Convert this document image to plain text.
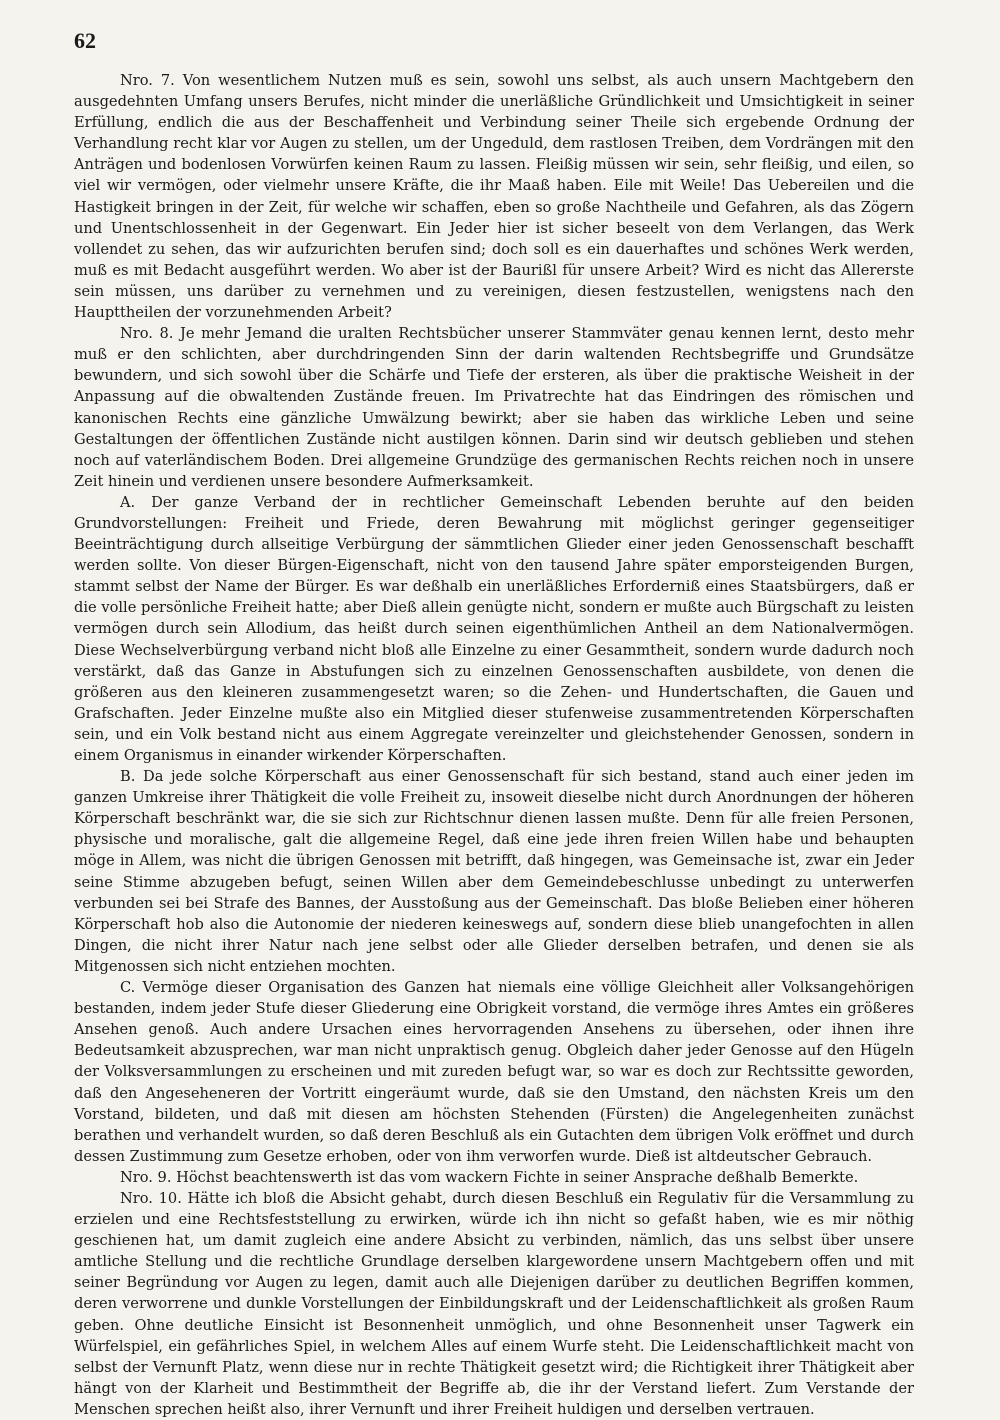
62

Nro. 7. Von wesentlichem Nutzen muß es sein, sowohl uns selbst, als auch unsern Machtgebern den ausgedehnten Umfang unsers Berufes, nicht minder die unerläßliche Gründlichkeit und Umsichtigkeit in seiner Erfüllung, endlich die aus der Beschaffenheit und Verbindung seiner Theile sich ergebende Ordnung der Verhandlung recht klar vor Augen zu stellen, um der Ungeduld, dem rastlosen Treiben, dem Vordrängen mit den Anträgen und bodenlosen Vorwürfen keinen Raum zu lassen. Fleißig müssen wir sein, sehr fleißig, und eilen, so viel wir vermögen, oder vielmehr unsere Kräfte, die ihr Maaß haben. Eile mit Weile! Das Uebereilen und die Hastigkeit bringen in der Zeit, für welche wir schaffen, eben so große Nachtheile und Gefahren, als das Zögern und Unentschlossenheit in der Gegenwart. Ein Jeder hier ist sicher beseelt von dem Verlangen, das Werk vollendet zu sehen, das wir aufzurichten berufen sind; doch soll es ein dauerhaftes und schönes Werk werden, muß es mit Bedacht ausgeführt werden. Wo aber ist der Baurißl für unsere Arbeit? Wird es nicht das Allererste sein müssen, uns darüber zu vernehmen und zu vereinigen, diesen festzustellen, wenigstens nach den Haupttheilen der vorzunehmenden Arbeit?

Nro. 8. Je mehr Jemand die uralten Rechtsbücher unserer Stammväter genau kennen lernt, desto mehr muß er den schlichten, aber durchdringenden Sinn der darin waltenden Rechtsbegriffe und Grundsätze bewundern, und sich sowohl über die Schärfe und Tiefe der ersteren, als über die praktische Weisheit in der Anpassung auf die obwaltenden Zustände freuen. Im Privatrechte hat das Eindringen des römischen und kanonischen Rechts eine gänzliche Umwälzung bewirkt; aber sie haben das wirkliche Leben und seine Gestaltungen der öffentlichen Zustände nicht austilgen können. Darin sind wir deutsch geblieben und stehen noch auf vaterländischem Boden. Drei allgemeine Grundzüge des germanischen Rechts reichen noch in unsere Zeit hinein und verdienen unsere besondere Aufmerksamkeit.

A. Der ganze Verband der in rechtlicher Gemeinschaft Lebenden beruhte auf den beiden Grundvorstellungen: Freiheit und Friede, deren Bewahrung mit möglichst geringer gegenseitiger Beeinträchtigung durch allseitige Verbürgung der sämmtlichen Glieder einer jeden Genossenschaft beschafft werden sollte. Von dieser Bürgen-Eigenschaft, nicht von den tausend Jahre später emporsteigenden Burgen, stammt selbst der Name der Bürger. Es war deßhalb ein unerläßliches Erforderniß eines Staatsbürgers, daß er die volle persönliche Freiheit hatte; aber Dieß allein genügte nicht, sondern er mußte auch Bürgschaft zu leisten vermögen durch sein Allodium, das heißt durch seinen eigenthümlichen Antheil an dem Nationalvermögen. Diese Wechselverbürgung verband nicht bloß alle Einzelne zu einer Gesammtheit, sondern wurde dadurch noch verstärkt, daß das Ganze in Abstufungen sich zu einzelnen Genossenschaften ausbildete, von denen die größeren aus den kleineren zusammengesetzt waren; so die Zehen- und Hundertschaften, die Gauen und Grafschaften. Jeder Einzelne mußte also ein Mitglied dieser stufenweise zusammentretenden Körperschaften sein, und ein Volk bestand nicht aus einem Aggregate vereinzelter und gleichstehender Genossen, sondern in einem Organismus in einander wirkender Körperschaften.

B. Da jede solche Körperschaft aus einer Genossenschaft für sich bestand, stand auch einer jeden im ganzen Umkreise ihrer Thätigkeit die volle Freiheit zu, insoweit dieselbe nicht durch Anordnungen der höheren Körperschaft beschränkt war, die sie sich zur Richtschnur dienen lassen mußte. Denn für alle freien Personen, physische und moralische, galt die allgemeine Regel, daß eine jede ihren freien Willen habe und behaupten möge in Allem, was nicht die übrigen Genossen mit betrifft, daß hingegen, was Gemeinsache ist, zwar ein Jeder seine Stimme abzugeben befugt, seinen Willen aber dem Gemeindebeschlusse unbedingt zu unterwerfen verbunden sei bei Strafe des Bannes, der Ausstoßung aus der Gemeinschaft. Das bloße Belieben einer höheren Körperschaft hob also die Autonomie der niederen keineswegs auf, sondern diese blieb unangefochten in allen Dingen, die nicht ihrer Natur nach jene selbst oder alle Glieder derselben betrafen, und denen sie als Mitgenossen sich nicht entziehen mochten.

C. Vermöge dieser Organisation des Ganzen hat niemals eine völlige Gleichheit aller Volksangehörigen bestanden, indem jeder Stufe dieser Gliederung eine Obrigkeit vorstand, die vermöge ihres Amtes ein größeres Ansehen genoß. Auch andere Ursachen eines hervorragenden Ansehens zu übersehen, oder ihnen ihre Bedeutsamkeit abzusprechen, war man nicht unpraktisch genug. Obgleich daher jeder Genosse auf den Hügeln der Volksversammlungen zu erscheinen und mit zureden befugt war, so war es doch zur Rechtssitte geworden, daß den Angeseheneren der Vortritt eingeräumt wurde, daß sie den Umstand, den nächsten Kreis um den Vorstand, bildeten, und daß mit diesen am höchsten Stehenden (Fürsten) die Angelegenheiten zunächst berathen und verhandelt wurden, so daß deren Beschluß als ein Gutachten dem übrigen Volk eröffnet und durch dessen Zustimmung zum Gesetze erhoben, oder von ihm verworfen wurde. Dieß ist altdeutscher Gebrauch.

Nro. 9. Höchst beachtenswerth ist das vom wackern Fichte in seiner Ansprache deßhalb Bemerkte.

Nro. 10. Hätte ich bloß die Absicht gehabt, durch diesen Beschluß ein Regulativ für die Versammlung zu erzielen und eine Rechtsfeststellung zu erwirken, würde ich ihn nicht so gefaßt haben, wie es mir nöthig geschienen hat, um damit zugleich eine andere Absicht zu verbinden, nämlich, das uns selbst über unsere amtliche Stellung und die rechtliche Grundlage derselben klargewordene unsern Machtgebern offen und mit seiner Begründung vor Augen zu legen, damit auch alle Diejenigen darüber zu deutlichen Begriffen kommen, deren verworrene und dunkle Vorstellungen der Einbildungskraft und der Leidenschaftlichkeit als großen Raum geben. Ohne deutliche Einsicht ist Besonnenheit unmöglich, und ohne Besonnenheit unser Tagwerk ein Würfelspiel, ein gefährliches Spiel, in welchem Alles auf einem Wurfe steht. Die Leidenschaftlichkeit macht von selbst der Vernunft Platz, wenn diese nur in rechte Thätigkeit gesetzt wird; die Richtigkeit ihrer Thätigkeit aber hängt von der Klarheit und Bestimmtheit der Begriffe ab, die ihr der Verstand liefert. Zum Verstande der Menschen sprechen heißt also, ihrer Vernunft und ihrer Freiheit huldigen und derselben vertrauen.
